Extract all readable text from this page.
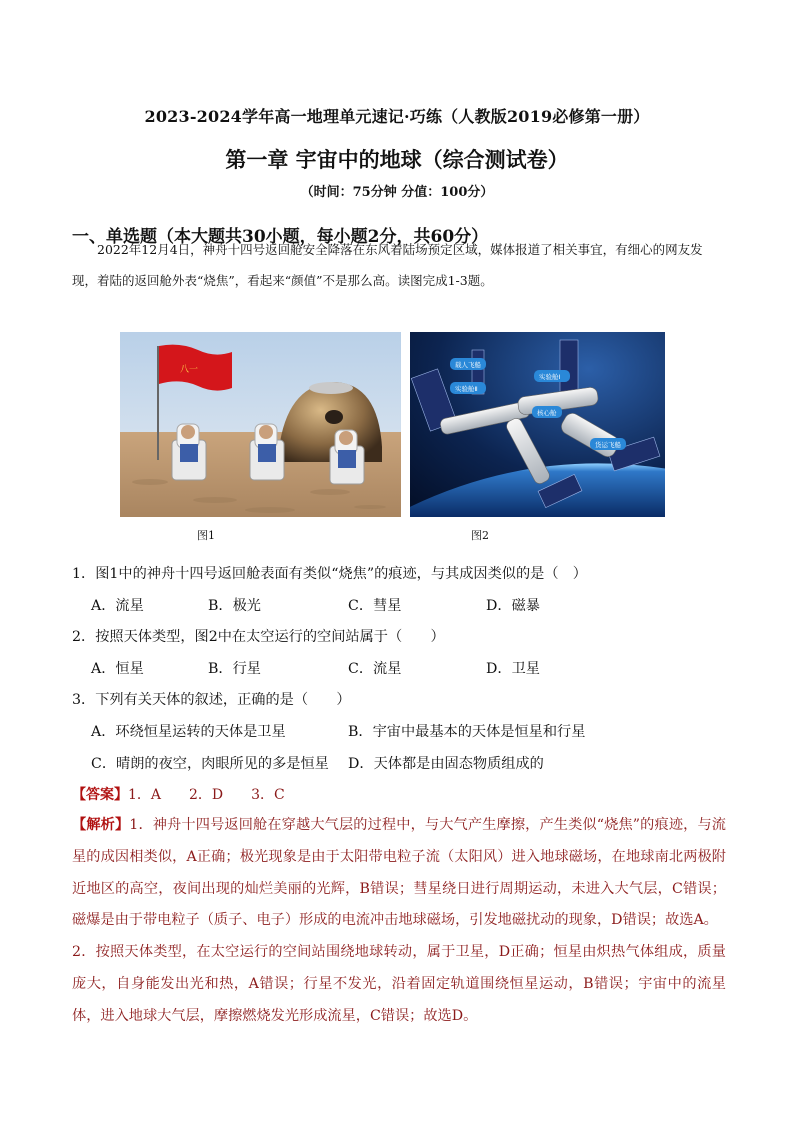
2023-2024学年高一地理单元速记·巧练（人教版2019必修第一册）
第一章 宇宙中的地球（综合测试卷）
（时间：75分钟 分值：100分）
一、单选题（本大题共30小题，每小题2分，共60分）
2022年12月4日，神舟十四号返回舱安全降落在东风着陆场预定区域，媒体报道了相关事宜，有细心的网友发现，着陆的返回舱外表“烧焦”，看起来“颜值”不是那么高。读图完成1-3题。
八一
图1
载人飞船
实验舱Ⅱ
实验舱Ⅰ
核心舱
货运飞船
图2
1．图1中的神舟十四号返回舱表面有类似“烧焦”的痕迹，与其成因类似的是（　）
A．流星	B．极光	C．彗星	D．磁暴
2．按照天体类型，图2中在太空运行的空间站属于（　　）
A．恒星	B．行星	C．流星	D．卫星
3．下列有关天体的叙述，正确的是（　　）
A．环绕恒星运转的天体是卫星	B．宇宙中最基本的天体是恒星和行星
C．晴朗的夜空，肉眼所见的多是恒星 D．天体都是由固态物质组成的
【答案】1．A　　2．D　　3．C

【解析】1．神舟十四号返回舱在穿越大气层的过程中，与大气产生摩擦，产生类似“烧焦”的痕迹，与流星的成因相类似，A正确；极光现象是由于太阳带电粒子流（太阳风）进入地球磁场，在地球南北两极附近地区的高空，夜间出现的灿烂美丽的光辉，B错误；彗星绕日进行周期运动，未进入大气层，C错误；磁爆是由于带电粒子（质子、电子）形成的电流冲击地球磁场，引发地磁扰动的现象，D错误；故选A。

2．按照天体类型，在太空运行的空间站围绕地球转动，属于卫星，D正确；恒星由炽热气体组成，质量庞大，自身能发出光和热，A错误；行星不发光，沿着固定轨道围绕恒星运动，B错误；宇宙中的流星体，进入地球大气层，摩擦燃烧发光形成流星，C错误；故选D。
